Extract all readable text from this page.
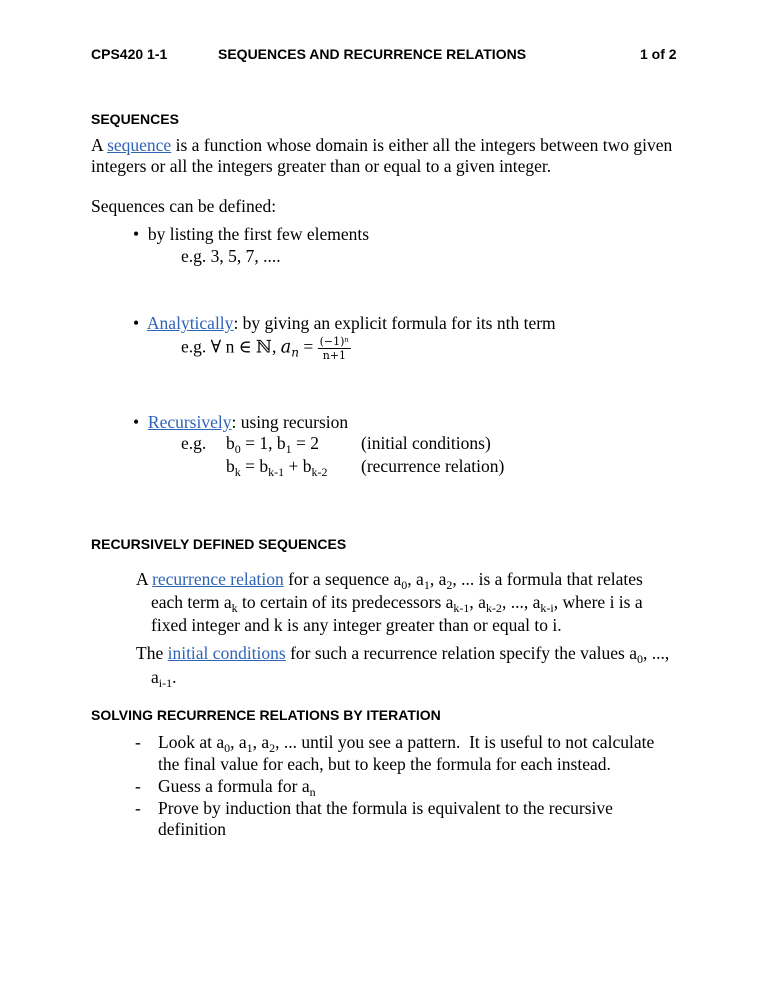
CPS420 1-1	SEQUENCES AND RECURRENCE RELATIONS	1 of 2
SEQUENCES
A sequence is a function whose domain is either all the integers between two given
integers or all the integers greater than or equal to a given integer.
Sequences can be defined:
•  by listing the first few elements
e.g. 3, 5, 7, ....
•  Analytically: by giving an explicit formula for its nth term
e.g. ∀ n ∈ ℕ, $a_n = \frac{\text{(−1)ⁿ}}{n+1}$
•  Recursively: using recursion
e.g. $b_0 = 1$, $b_1 = 2$ (initial conditions)
$b_k = b_{k-1} + b_{k-2}$ (recurrence relation)
RECURSIVELY DEFINED SEQUENCES
A recurrence relation for a sequence $a_0$, $a_1$, $a_2$, ... is a formula that relates
each term $a_k$ to certain of its predecessors $a_{k-1}$, $a_{k-2}$, ..., $a_{k-i}$, where i is a
fixed integer and k is any integer greater than or equal to i.
The initial conditions for such a recurrence relation specify the values $a_0$, ...,
$a_{i-1}$.
SOLVING RECURRENCE RELATIONS BY ITERATION
- Look at $a_0$, $a_1$, $a_2$, ... until you see a pattern.  It is useful to not calculate
the final value for each, but to keep the formula for each instead.
- Guess a formula for $a_n$
- Prove by induction that the formula is equivalent to the recursive
definition
